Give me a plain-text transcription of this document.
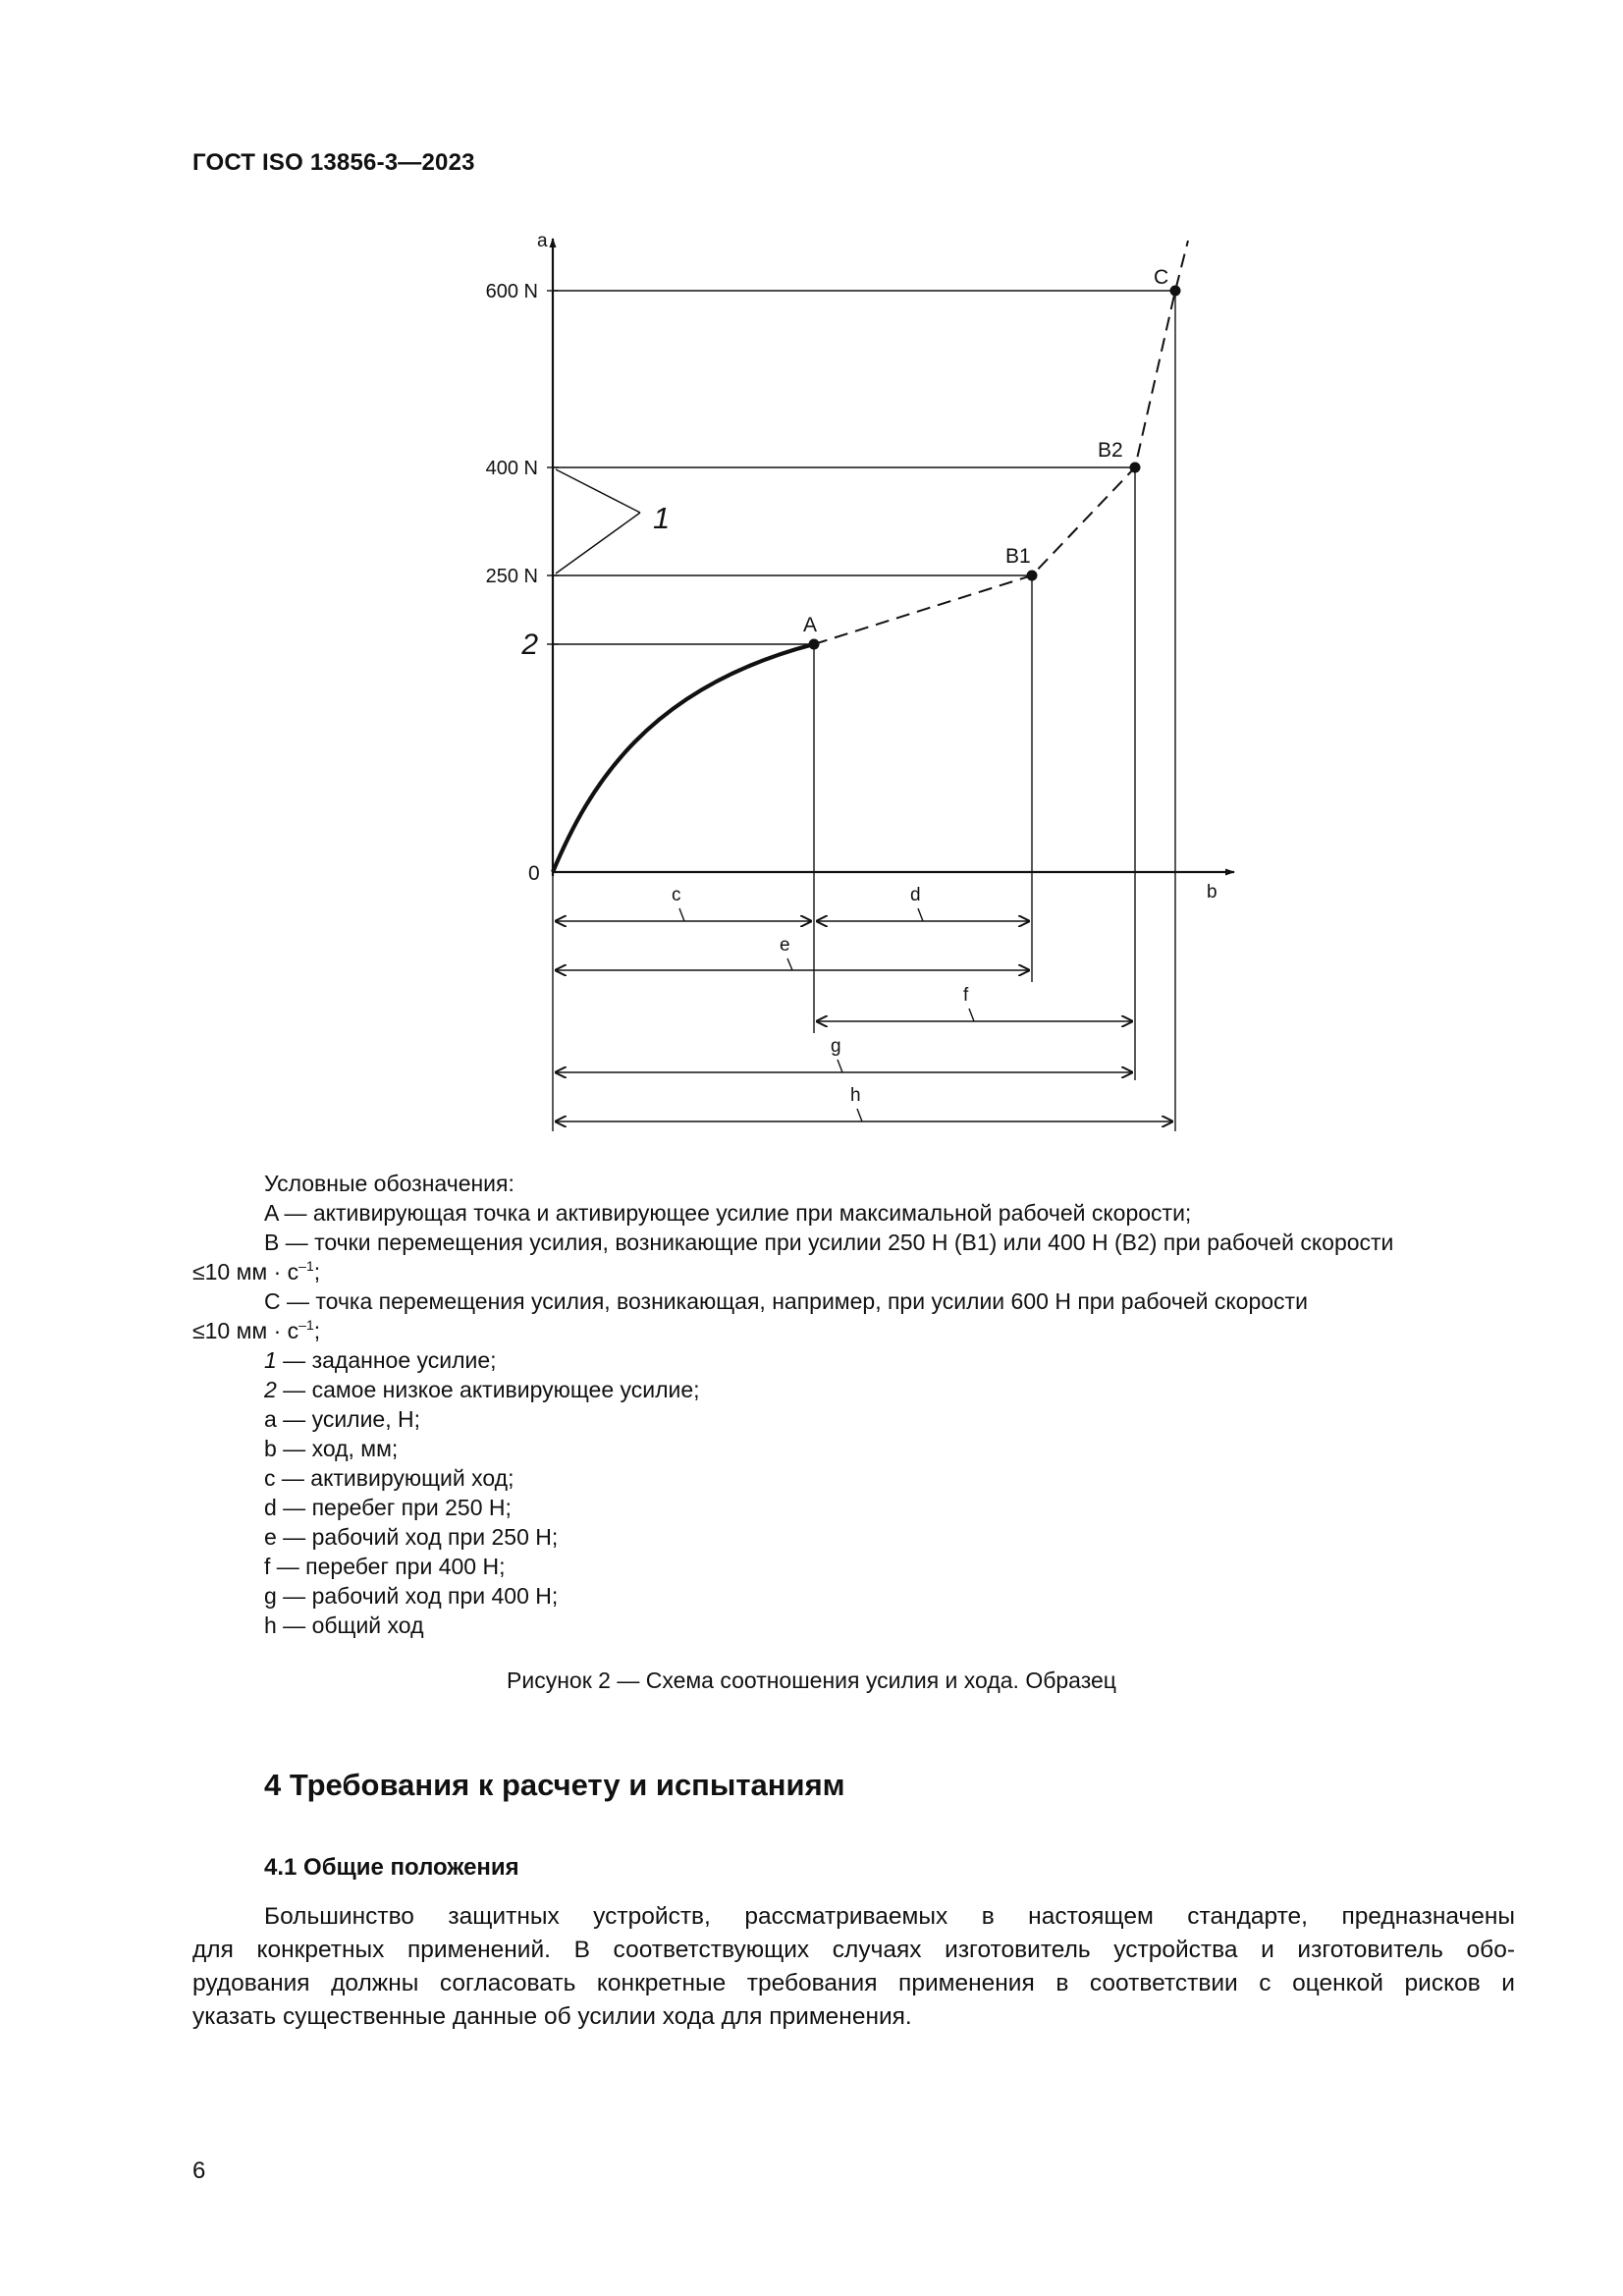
ГОСТ ISO 13856-3—2023
a
b
0
600 N
400 N
250 N
2
1
A
B1
B2
C
c	d
e
f
g
h
Условные обозначения:
A — активирующая точка и активирующее усилие при максимальной рабочей скорости;
B — точки перемещения усилия, возникающие при усилии 250 Н (B1) или 400 Н (B2) при рабочей скорости
≤10 мм · $с^{-1}$;
C — точка перемещения усилия, возникающая, например, при усилии 600 Н при рабочей скорости
≤10 мм · $с^{-1}$;
1 — заданное усилие;
2 — самое низкое активирующее усилие;
a — усилие, Н;
b — ход, мм;
c — активирующий ход;
d — перебег при 250 Н;
e — рабочий ход при 250 Н;
f — перебег при 400 Н;
g — рабочий ход при 400 Н;
h — общий ход
Рисунок 2 — Схема соотношения усилия и хода. Образец
4 Требования к расчету и испытаниям
4.1 Общие положения
Большинство защитных устройств, рассматриваемых в настоящем стандарте, предназначены
для конкретных применений. В соответствующих случаях изготовитель устройства и изготовитель обо-
рудования должны согласовать конкретные требования применения в соответствии с оценкой рисков и
указать существенные данные об усилии хода для применения.
6
